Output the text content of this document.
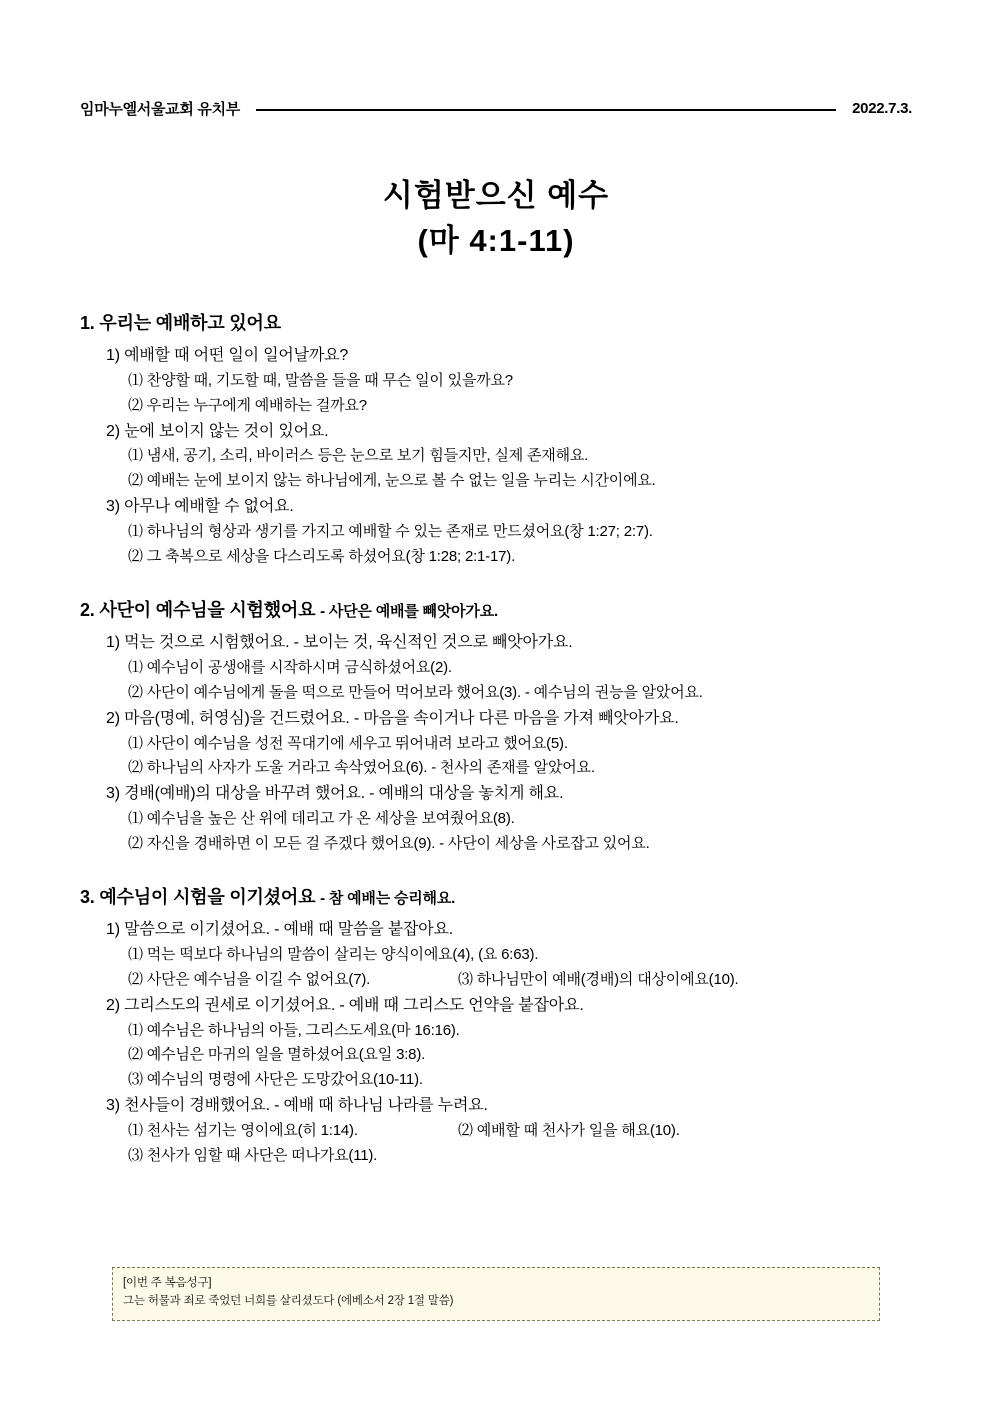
임마누엘서울교회 유치부	2022.7.3.
시험받으신 예수
(마 4:1-11)
1. 우리는 예배하고 있어요
1) 예배할 때 어떤 일이 일어날까요?
⑴ 찬양할 때, 기도할 때, 말씀을 들을 때 무슨 일이 있을까요?
⑵ 우리는 누구에게 예배하는 걸까요?
2) 눈에 보이지 않는 것이 있어요.
⑴ 냄새, 공기, 소리, 바이러스 등은 눈으로 보기 힘들지만, 실제 존재해요.
⑵ 예배는 눈에 보이지 않는 하나님에게, 눈으로 볼 수 없는 일을 누리는 시간이에요.
3) 아무나 예배할 수 없어요.
⑴ 하나님의 형상과 생기를 가지고 예배할 수 있는 존재로 만드셨어요(창 1:27; 2:7).
⑵ 그 축복으로 세상을 다스리도록 하셨어요(창 1:28; 2:1-17).
2. 사단이 예수님을 시험했어요 - 사단은 예배를 빼앗아가요.
1) 먹는 것으로 시험했어요. - 보이는 것, 육신적인 것으로 빼앗아가요.
⑴ 예수님이 공생애를 시작하시며 금식하셨어요(2).
⑵ 사단이 예수님에게 돌을 떡으로 만들어 먹어보라 했어요(3). - 예수님의 권능을 알았어요.
2) 마음(명예, 허영심)을 건드렸어요. - 마음을 속이거나 다른 마음을 가져 빼앗아가요.
⑴ 사단이 예수님을 성전 꼭대기에 세우고 뛰어내려 보라고 했어요(5).
⑵ 하나님의 사자가 도울 거라고 속삭였어요(6). - 천사의 존재를 알았어요.
3) 경배(예배)의 대상을 바꾸려 했어요. - 예배의 대상을 놓치게 해요.
⑴ 예수님을 높은 산 위에 데리고 가 온 세상을 보여줬어요(8).
⑵ 자신을 경배하면 이 모든 걸 주겠다 했어요(9). - 사단이 세상을 사로잡고 있어요.
3. 예수님이 시험을 이기셨어요 - 참 예배는 승리해요.
1) 말씀으로 이기셨어요. - 예배 때 말씀을 붙잡아요.
⑴ 먹는 떡보다 하나님의 말씀이 살리는 양식이에요(4), (요 6:63).
⑵ 사단은 예수님을 이길 수 없어요(7).	⑶ 하나님만이 예배(경배)의 대상이에요(10).
2) 그리스도의 권세로 이기셨어요. - 예배 때 그리스도 언약을 붙잡아요.
⑴ 예수님은 하나님의 아들, 그리스도세요(마 16:16).
⑵ 예수님은 마귀의 일을 멸하셨어요(요일 3:8).
⑶ 예수님의 명령에 사단은 도망갔어요(10-11).
3) 천사들이 경배했어요. - 예배 때 하나님 나라를 누려요.
⑴ 천사는 섬기는 영이에요(히 1:14).	⑵ 예배할 때 천사가 일을 해요(10).
⑶ 천사가 임할 때 사단은 떠나가요(11).
[이번 주 복음성구]
그는 허물과 죄로 죽었던 너희를 살리셨도다 (에베소서 2장 1절 말씀)
